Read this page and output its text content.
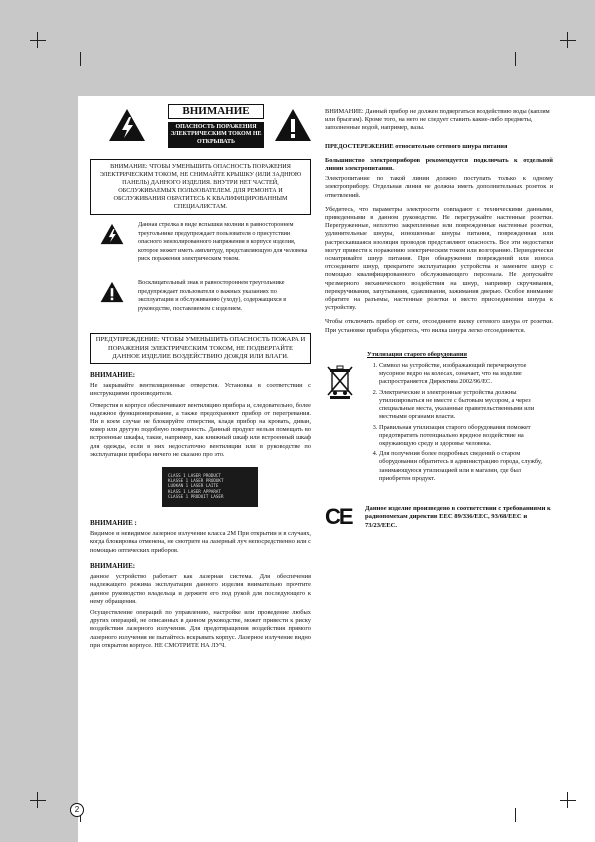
ВНИМАНИЕ
ОПАСНОСТЬ ПОРАЖЕНИЯ ЭЛЕКТРИЧЕСКИМ ТОКОМ НЕ ОТКРЫВАТЬ
ВНИМАНИЕ: ЧТОБЫ УМЕНЬШИТЬ ОПАСНОСТЬ ПОРАЖЕНИЯ ЭЛЕКТРИЧЕСКИМ ТОКОМ, НЕ СНИМАЙТЕ КРЫШКУ (ИЛИ ЗАДНЮЮ ПАНЕЛЬ) ДАННОГО ИЗДЕЛИЯ. ВНУТРИ НЕТ ЧАСТЕЙ, ОБСЛУЖИВАЕМЫХ ПОЛЬЗОВАТЕЛЕМ. ДЛЯ РЕМОНТА И ОБСЛУЖИВАНИЯ ОБРАТИТЕСЬ К КВАЛИФИЦИРОВАННЫМ СПЕЦИАЛИСТАМ.
Данная стрелка в виде вспышки молнии в равностороннем треугольнике предупреждает пользователя о присутствии опасного неизолированного напряжения в корпусе изделия, которое может иметь амплитуду, представляющую для человека риск поражения электрическим током.
Восклицательный знак в равностороннем треугольнике предупреждает пользователя о важных указаниях по эксплуатации и обслуживанию (уходу), содержащихся в руководстве, поставляемом с изделием.
ПРЕДУПРЕЖДЕНИЕ: ЧТОБЫ УМЕНЬШИТЬ ОПАСНОСТЬ ПОЖАРА И ПОРАЖЕНИЯ ЭЛЕКТРИЧЕСКИМ ТОКОМ, НЕ ПОДВЕРГАЙТЕ ДАННОЕ ИЗДЕЛИЕ ВОЗДЕЙСТВИЮ ДОЖДЯ ИЛИ ВЛАГИ.
ВНИМАНИЕ:
Не закрывайте вентиляционные отверстия. Установка в соответствии с инструкциями производителя.
Отверстия в корпусе обеспечивают вентиляцию прибора и, следовательно, более надежное функционирование, а также предохраняют прибор от перегревания. Ни в коем случае не блокируйте отверстия, кладя прибор на кровать, диван, ковер или другую подобную поверхность. Данный продукт нельзя помещать во встроенные шкафы, такие, например, как книжный шкаф или встроенный шкаф для одежды, если в них недостаточно вентиляции или в руководстве по эксплуатации прибора ничего не сказано про это.
CLASS 1 LASER PRODUCT
KLASSE 1 LASER PRODUKT
LUOKAN 1 LASER LAITE
KLASS 1 LASER APPARAT
CLASSE 1 PRODUIT LASER
ВНИМАНИЕ :
Видимое и невидимое лазерное излучение класса 2M При открытии и в случаях, когда блокировка отменена, не смотрите на лазерный луч непосредственно или с помощью оптических приборов.
ВНИМАНИЕ:
данное устройство работает как лазерная система. Для обеспечения надлежащего режима эксплуатации данного изделия внимательно прочтите данное руководство владельца и держите его под рукой для последующего к нему обращения.
Осуществление операций по управлению, настройке или проведение любых других операций, не описанных в данном руководстве, может привести к риску воздействия лазерного излучения. Для предотвращения воздействия прямого лазерного излучения не пытайтесь вскрывать корпус. Лазерное излучение видно при открытом корпусе. НЕ СМОТРИТЕ НА ЛУЧ.
ВНИМАНИЕ: Данный прибор не должен подвергаться воздействию воды (каплям или брызгам). Кроме того, на него не следует ставить какие-либо предметы, заполненные водой, например, вазы.
ПРЕДОСТЕРЕЖЕНИЕ относительно сетевого шнура питания
Большинство электроприборов рекомендуется подключать к отдельной линии электропитания.
Электропитание по такой линии должно поступать только к одному электроприбору. Отдельная линия не должна иметь дополнительных розеток и ответвлений.
Убедитесь, что параметры электросети совпадают с техническими данными, приведенными в данном руководстве. Не перегружайте настенные розетки. Перегруженные, неплотно закрепленные или поврежденные настенные розетки, удлинительные шнуры, изношенные шнуры питания, поврежденная или растрескавшаяся изоляция проводов представляют опасность. Все эти недостатки могут привести к поражению электрическим током или возгоранию. Периодически осматривайте шнур питания. При обнаружении повреждений или износа отсоедините шнур, прекратите эксплуатацию устройства и замените шнур с помощью квалифицированного обслуживающего персонала. Не допускайте чрезмерного механического воздействия на шнур, например скручивания, перекручивания, запутывания, сдавливания, зажимания дверью. Особое внимание обратите на разъемы, настенные розетки и место присоединения шнура к устройству.
Чтобы отключить прибор от сети, отсоедините вилку сетевого шнура от розетки. При установке прибора убедитесь, что вилка шнура легко отсоединяется.
Утилизация старого оборудования
1. Символ на устройстве, изображающий перечеркнутое мусорное ведро на колесах, означает, что на изделие распространяется Директива 2002/96/EC.
2. Электрические и электронные устройства должны утилизироваться не вместе с бытовым мусором, а через специальные места, указанные правительственными или местными органами власти.
3. Правильная утилизация старого оборудования поможет предотвратить потенциально вредное воздействие на окружающую среду и здоровье человека.
4. Для получения более подробных сведений о старом оборудовании обратитесь в администрацию города, службу, занимающуюся утилизацией или в магазин, где был приобретен продукт.
CE Данное изделие произведено в соответствии с требованиями к радиопомехам директив EEC 89/336/EEC, 93/68/EEC и 73/23/EEC.
2
